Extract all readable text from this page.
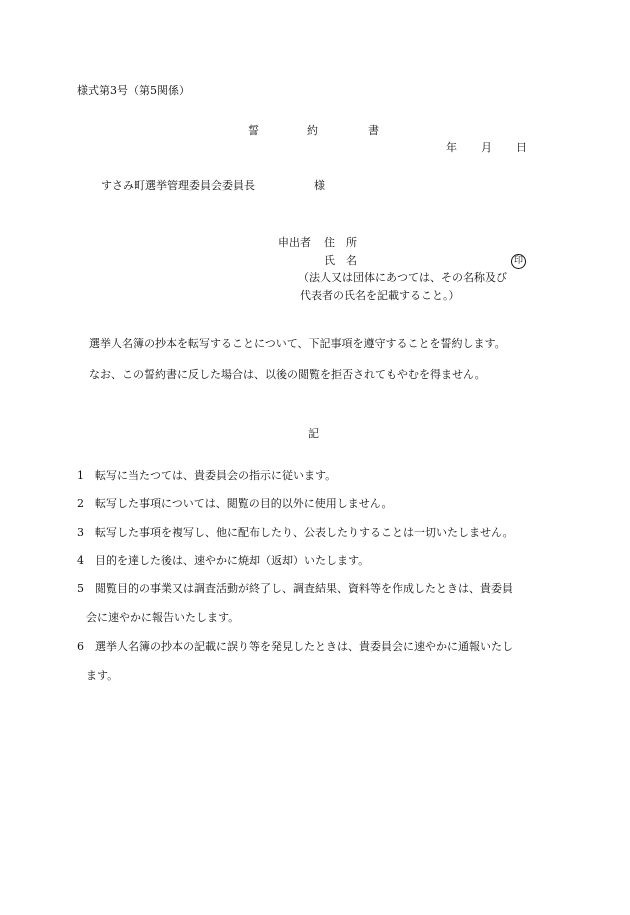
様式第3号（第5関係）
誓	約	書
年 月 日
すさみ町選挙管理委員会委員長	様
申出者 住　所
氏　名	印
（法人又は団体にあつては、その名称及び
代表者の氏名を記載すること。）
選挙人名簿の抄本を転写することについて、下記事項を遵守することを誓約します。
なお、この誓約書に反した場合は、以後の閲覧を拒否されてもやむを得ません。
記
1 転写に当たつては、貴委員会の指示に従います。
2 転写した事項については、閲覧の目的以外に使用しません。
3 転写した事項を複写し、他に配布したり、公表したりすることは一切いたしません。
4 目的を達した後は、速やかに焼却（返却）いたします。
5 閲覧目的の事業又は調査活動が終了し、調査結果、資料等を作成したときは、貴委員
会に速やかに報告いたします。
6 選挙人名簿の抄本の記載に誤り等を発見したときは、貴委員会に速やかに通報いたし
ます。
